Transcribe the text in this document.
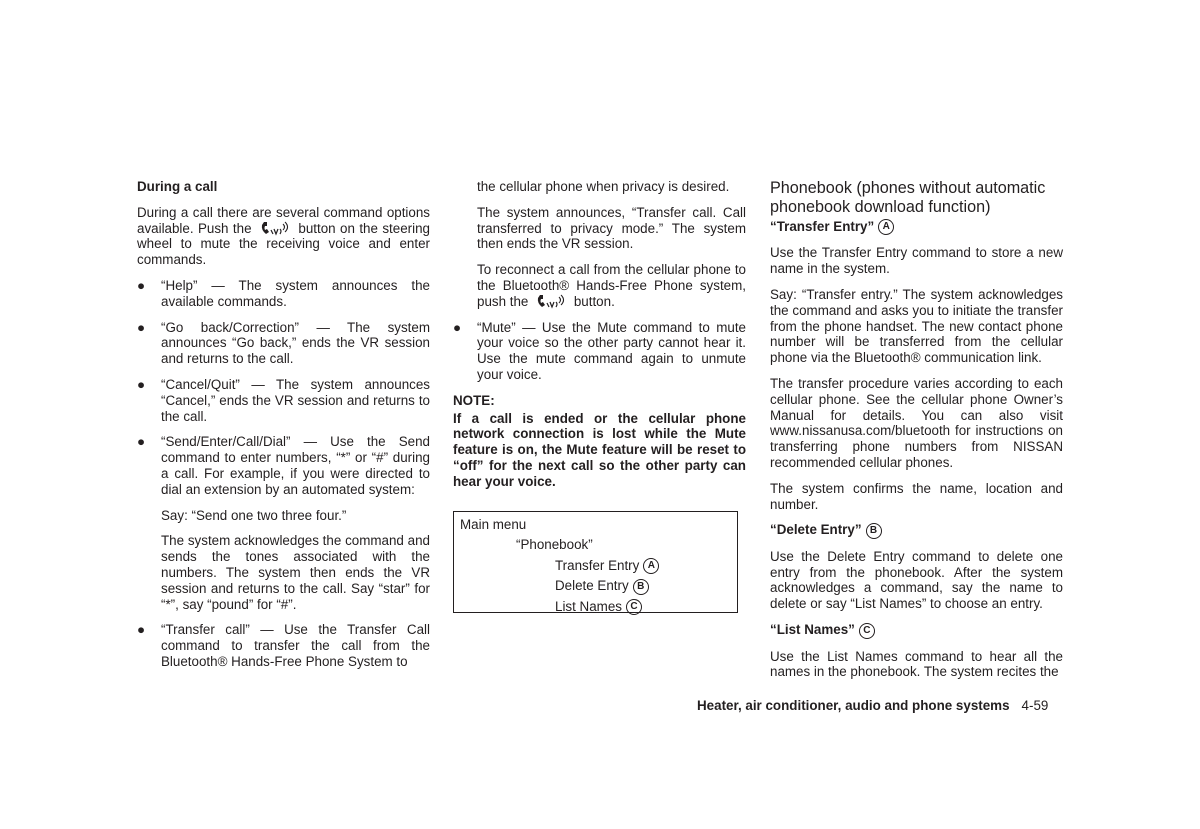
During a call

During a call there are several command options available. Push the	button on the steering wheel to mute the receiving voice and enter commands.

● “Help” — The system announces the available commands.
● “Go back/Correction” — The system announces “Go back,” ends the VR session and returns to the call.
● “Cancel/Quit” — The system announces “Cancel,” ends the VR session and returns to the call.
● “Send/Enter/Call/Dial” — Use the Send command to enter numbers, “*” or “#” during a call. For example, if you were directed to dial an extension by an automated system:

Say: “Send one two three four.”

The system acknowledges the command and sends the tones associated with the numbers. The system then ends the VR session and returns to the call. Say “star” for “*”, say “pound” for “#”.

● “Transfer call” — Use the Transfer Call command to transfer the call from the Bluetooth® Hands-Free Phone System to

the cellular phone when privacy is desired.

The system announces, “Transfer call. Call transferred to privacy mode.” The system then ends the VR session.

To reconnect a call from the cellular phone to the Bluetooth® Hands-Free Phone system, push the	button.

● “Mute” — Use the Mute command to mute your voice so the other party cannot hear it. Use the mute command again to unmute your voice.
NOTE:
If a call is ended or the cellular phone network connection is lost while the Mute feature is on, the Mute feature will be reset to “off” for the next call so the other party can hear your voice.
Main menu
“Phonebook”
Transfer Entry A
Delete Entry B
List Names C
Phonebook (phones without automatic phonebook download function)
“Transfer Entry” A

Use the Transfer Entry command to store a new name in the system.

Say: “Transfer entry.” The system acknowledges the command and asks you to initiate the transfer from the phone handset. The new contact phone number will be transferred from the cellular phone via the Bluetooth® communication link.

The transfer procedure varies according to each cellular phone. See the cellular phone Owner’s Manual for details. You can also visit www.nissanusa.com/bluetooth for instructions on transferring phone numbers from NISSAN recommended cellular phones.

The system confirms the name, location and number.

“Delete Entry” B

Use the Delete Entry command to delete one entry from the phonebook. After the system acknowledges a command, say the name to delete or say “List Names” to choose an entry.

“List Names” C

Use the List Names command to hear all the names in the phonebook. The system recites the

Heater, air conditioner, audio and phone systems 4-59
